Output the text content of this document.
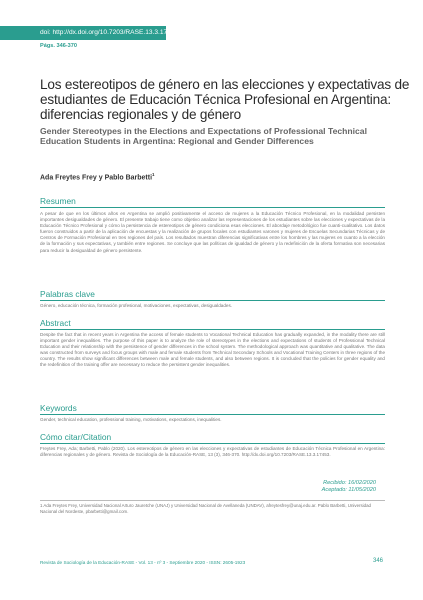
doi: http://dx.doi.org/10.7203/RASE.13.3.17453
Págs. 346-370
Los estereotipos de género en las elecciones y expectativas de estudiantes de Educación Técnica Profesional en Argentina: diferencias regionales y de género
Gender Stereotypes in the Elections and Expectations of Professional Technical Education Students in Argentina: Regional and Gender Differences
Ada Freytes Frey y Pablo Barbetti$^1$
Resumen

A pesar de que en los últimos años en Argentina se amplió positivamente el acceso de mujeres a la Educación Técnico Profesional, en la modalidad persisten importantes desigualdades de género. El presente trabajo tiene como objetivo analizar las representaciones de los estudiantes sobre las elecciones y expectativas de la Educación Técnico Profesional y cómo la persistencia de estereotipos de género condiciona esas elecciones. El abordaje metodológico fue cuanti-cualitativo. Los datos fueron construidos a partir de la aplicación de encuestas y la realización de grupos focales con estudiantes varones y mujeres de Escuelas Secundarias Técnicas y de Centros de Formación Profesional en tres regiones del país. Los resultados muestran diferencias significativas entre los hombres y las mujeres en cuanto a la elección de la formación y sus expectativas, y también entre regiones. Se concluye que las políticas de igualdad de género y la redefinición de la oferta formativa son necesarias para reducir la desigualdad de género persistente.

Palabras clave

Género, educación técnica, formación profesional, motivaciones, expectativas, desigualdades.

Abstract

Despite the fact that in recent years in Argentina the access of female students to Vocational Technical Education has gradually expanded, in the modality there are still important gender inequalities. The purpose of this paper is to analyze the role of stereotypes in the elections and expectations of students of Professional Technical Education and their relationship with the persistence of gender differences in the school system. The methodological approach was quantitative and qualitative. The data was constructed from surveys and focus groups with male and female students from Technical Secondary Schools and Vocational Training Centers in three regions of the country. The results show significant differences between male and female students, and also between regions. It is concluded that the policies for gender equality and the redefinition of the training offer are necessary to reduce the persistent gender inequalities.

Keywords

Gender, technical education, professional training, motivations, expectations, inequalities.

Cómo citar/Citation

Freytes Frey, Ada; Barbetti, Pablo (2020). Los estereotipos de género en las elecciones y expectativas de estudiantes de Educación Técnica Profesional en Argentina: diferencias regionales y de género. Revista de Sociología de la Educación-RASE, 13 (3), 346-370. http://dx.doi.org/10.7203/RASE.13.3.17453.

Recibido: 16/02/2020
Aceptado: 11/05/2020

1 Ada Freytes Frey, Universidad Nacional Arturo Jauretche (UNAJ) y Universidad Nacional de Avellaneda (UNDAV), afreytesfrey@unaj.edu.ar. Pablo Barbetti, Universidad Nacional del Nordeste, pbarbetti@gmail.com.

Revista de Sociología de la Educación-RASE - Vol. 13 - nº 3 - Septiembre 2020 - ISSN: 2605-1923	346
